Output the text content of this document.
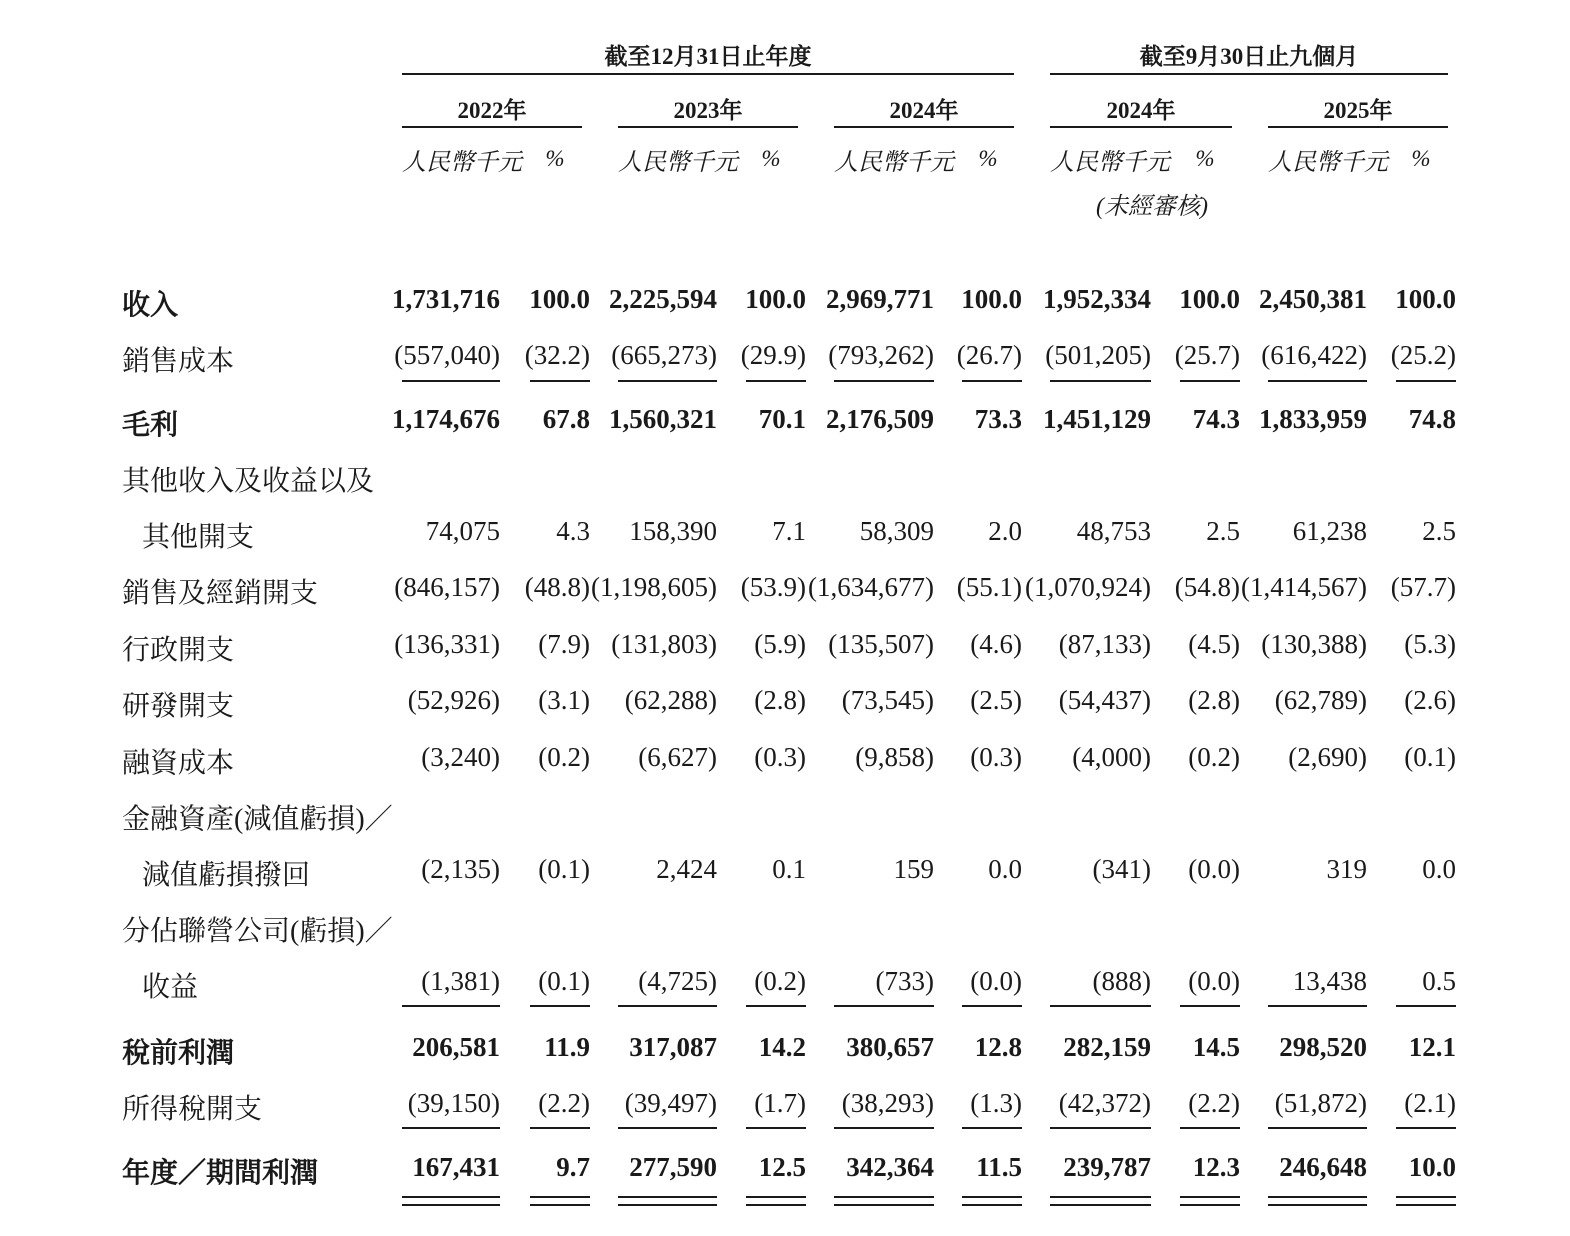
截至12月31日止年度	截至9月30日止九個月
2022年	2023年	2024年	2024年	2025年
人民幣千元 % 人民幣千元 % 人民幣千元 % 人民幣千元 % 人民幣千元 %
(未經審核)
收入	1,731,716 100.0 2,225,594 100.0 2,969,771 100.0 1,952,334 100.0 2,450,381 100.0
銷售成本	(557,040) (32.2) (665,273) (29.9) (793,262) (26.7) (501,205) (25.7) (616,422) (25.2)
毛利	1,174,676 67.8 1,560,321 70.1 2,176,509 73.3 1,451,129 74.3 1,833,959 74.8
其他收入及收益以及
其他開支	74,075 4.3 158,390 7.1 58,309 2.0 48,753 2.5 61,238 2.5
銷售及經銷開支	(846,157) (48.8) (1,198,605) (53.9) (1,634,677) (55.1) (1,070,924) (54.8) (1,414,567) (57.7)
行政開支	(136,331) (7.9) (131,803) (5.9) (135,507) (4.6) (87,133) (4.5) (130,388) (5.3)
研發開支	(52,926) (3.1) (62,288) (2.8) (73,545) (2.5) (54,437) (2.8) (62,789) (2.6)
融資成本	(3,240) (0.2) (6,627) (0.3) (9,858) (0.3) (4,000) (0.2) (2,690) (0.1)
金融資產(減值虧損)／
減值虧損撥回	(2,135) (0.1) 2,424 0.1	159 0.0	(341) (0.0)	319 0.0
分佔聯營公司(虧損)／
收益	(1,381) (0.1) (4,725) (0.2)	(733) (0.0)	(888) (0.0) 13,438 0.5
稅前利潤	206,581 11.9 317,087 14.2 380,657 12.8 282,159 14.5 298,520 12.1
所得稅開支	(39,150) (2.2) (39,497) (1.7) (38,293) (1.3) (42,372) (2.2) (51,872) (2.1)
年度／期間利潤	167,431 9.7 277,590 12.5 342,364 11.5 239,787 12.3 246,648 10.0
